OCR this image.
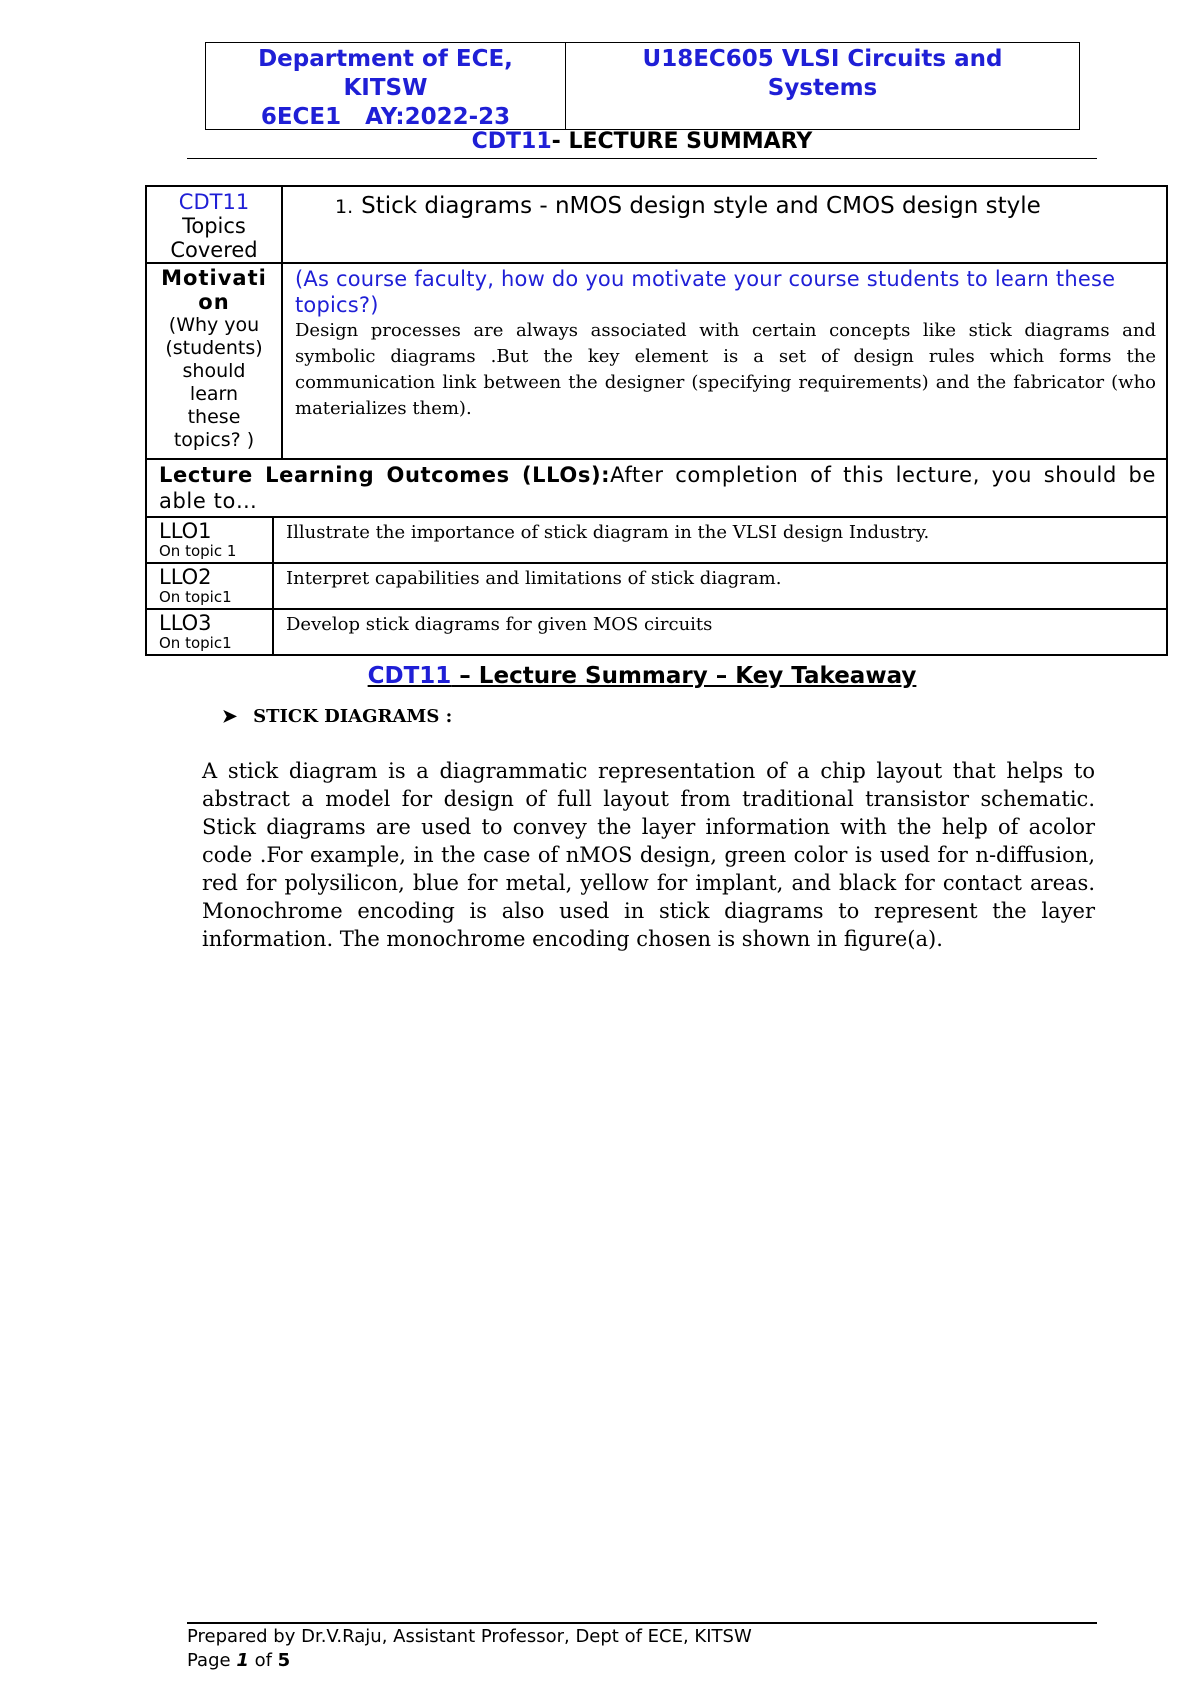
Department of ECE,
KITSW
6ECE1   AY:2022-23
U18EC605 VLSI Circuits and
Systems
CDT11- LECTURE SUMMARY
CDT11
Topics
Covered
	1. Stick diagrams - nMOS design style and CMOS design style

Motivati
on
(Why you
(students)
should
learn
these
topics? )

(As course faculty, how do you motivate your course students to learn these topics?)
Design processes are always associated with certain concepts like stick diagrams and symbolic diagrams .But the key element is a set of design rules which forms the communication link between the designer (specifying requirements) and the fabricator (who materializes them).

Lecture Learning Outcomes (LLOs):After completion of this lecture, you should be able to…

LLO1
On topic 1
	Illustrate the importance of stick diagram in the VLSI design Industry.

LLO2
On topic1
	Interpret capabilities and limitations of stick diagram.

LLO3
On topic1
	Develop stick diagrams for given MOS circuits
CDT11 – Lecture Summary – Key Takeaway
➤ STICK DIAGRAMS :
A stick diagram is a diagrammatic representation of a chip layout that helps to abstract a model for design of full layout from traditional transistor schematic. Stick diagrams are used to convey the layer information with the help of acolor code .For example, in the case of nMOS design, green color is used for n-diffusion, red for polysilicon, blue for metal, yellow for implant, and black for contact areas. Monochrome encoding is also used in stick diagrams to represent the layer information. The monochrome encoding chosen is shown in figure(a).
Prepared by Dr.V.Raju, Assistant Professor, Dept of ECE, KITSW
Page 1 of 5
